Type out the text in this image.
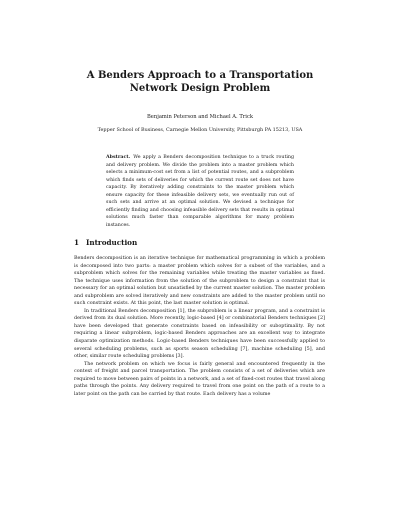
A Benders Approach to a Transportation
Network Design Problem

Benjamin Peterson and Michael A. Trick

Tepper School of Business, Carnegie Mellon University, Pittsburgh PA 15213, USA

Abstract. We apply a Benders decomposition technique to a truck routing and delivery problem. We divide the problem into a master problem which selects a minimum-cost set from a list of potential routes, and a subproblem which finds sets of deliveries for which the current route set does not have capacity. By iteratively adding constraints to the master problem which ensure capacity for these infeasible delivery sets, we eventually run out of such sets and arrive at an optimal solution. We devised a technique for efficiently finding and choosing infeasible delivery sets that results in optimal solutions much faster than comparable algorithms for many problem instances.

1 Introduction

Benders decomposition is an iterative technique for mathematical programming in which a problem is decomposed into two parts: a master problem which solves for a subset of the variables, and a subproblem which solves for the remaining variables while treating the master variables as fixed. The technique uses information from the solution of the subproblem to design a constraint that is necessary for an optimal solution but unsatisfied by the current master solution. The master problem and subproblem are solved iteratively and new constraints are added to the master problem until no such constraint exists. At this point, the last master solution is optimal.

In traditional Benders decomposition [1], the subproblem is a linear program, and a constraint is derived from its dual solution. More recently, logic-based [4] or combinatorial Benders techniques [2] have been developed that generate constraints based on infeasibility or suboptimality. By not requiring a linear subproblem, logic-based Benders approaches are an excellent way to integrate disparate optimization methods. Logic-based Benders techniques have been successfully applied to several scheduling problems, such as sports season scheduling [7], machine scheduling [5], and other, similar route scheduling problems [3].

The network problem on which we focus is fairly general and encountered frequently in the context of freight and parcel transportation. The problem consists of a set of deliveries which are required to move between pairs of points in a network, and a set of fixed-cost routes that travel along paths through the points. Any delivery required to travel from one point on the path of a route to a later point on the path can be carried by that route. Each delivery has a volume
